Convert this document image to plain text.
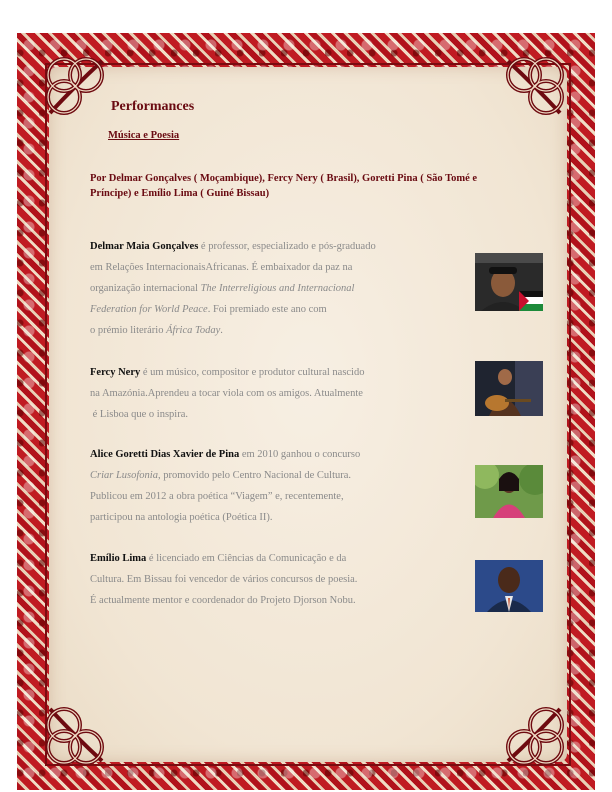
Performances
Música e Poesia
Por Delmar Gonçalves ( Moçambique), Fercy Nery ( Brasil), Goretti Pina ( São Tomé e Príncipe) e Emílio Lima ( Guiné Bissau)
Delmar Maia Gonçalves é professor, especializado e pós-graduado
em Relações InternacionaisAfricanas. É embaixador da paz na
organização internacional The Interreligious and Internacional
Federation for World Peace. Foi premiado este ano com
o prémio literário África Today.
Fercy Nery é um músico, compositor e produtor cultural nascido
na Amazónia.Aprendeu a tocar viola com os amigos. Atualmente
é Lisboa que o inspira.
Alice Goretti Dias Xavier de Pina em 2010 ganhou o concurso
Criar Lusofonia, promovido pelo Centro Nacional de Cultura.
Publicou em 2012 a obra poética “Viagem” e, recentemente,
participou na antologia poética (Poética II).
Emílio Lima é licenciado em Ciências da Comunicação e da
Cultura. Em Bissau foi vencedor de vários concursos de poesia.
É actualmente mentor e coordenador do Projeto Djorson Nobu.
